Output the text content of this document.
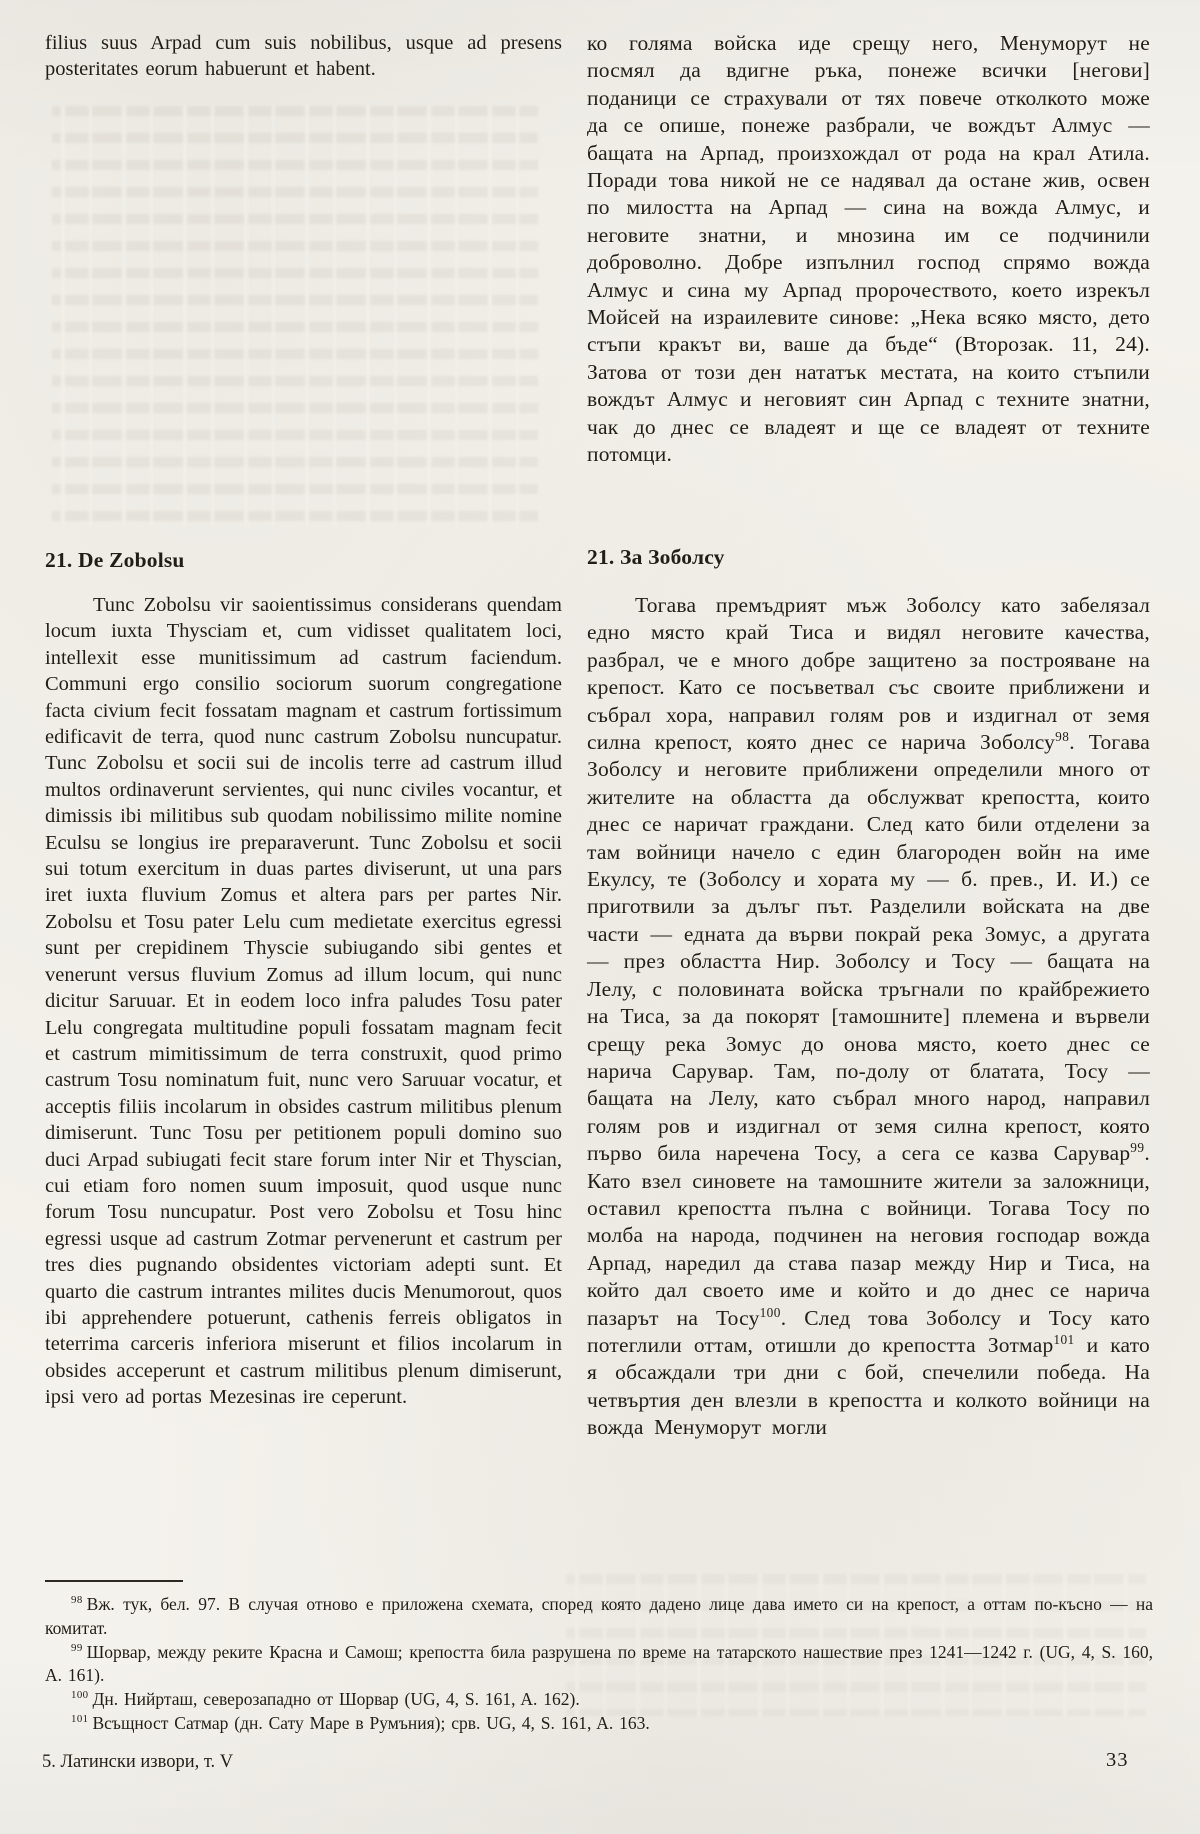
filius suus Arpad cum suis nobilibus, usque ad presens posteritates eorum habuerunt et habent.

21. De Zobolsu

Tunc Zobolsu vir saoientissimus considerans quendam locum iuxta Thysciam et, cum vidisset qualitatem loci, intellexit esse munitissimum ad castrum faciendum. Communi ergo consilio sociorum suorum congregatione facta civium fecit fossatam magnam et castrum fortissimum edificavit de terra, quod nunc castrum Zobolsu nuncupatur. Tunc Zobolsu et socii sui de incolis terre ad castrum illud multos ordinaverunt servientes, qui nunc civiles vocantur, et dimissis ibi militibus sub quodam nobilissimo milite nomine Eculsu se longius ire preparaverunt. Tunc Zobolsu et socii sui totum exercitum in duas partes diviserunt, ut una pars iret iuxta fluvium Zomus et altera pars per partes Nir. Zobolsu et Tosu pater Lelu cum medietate exercitus egressi sunt per crepidinem Thyscie subiugando sibi gentes et venerunt versus fluvium Zomus ad illum locum, qui nunc dicitur Saruuar. Et in eodem loco infra paludes Tosu pater Lelu congregata multitudine populi fossatam magnam fecit et castrum mimitissimum de terra construxit, quod primo castrum Tosu nominatum fuit, nunc vero Saruuar vocatur, et acceptis filiis incolarum in obsides castrum militibus plenum dimiserunt. Tunc Tosu per petitionem populi domino suo duci Arpad subiugati fecit stare forum inter Nir et Thyscian, cui etiam foro nomen suum imposuit, quod usque nunc forum Tosu nuncupatur. Post vero Zobolsu et Tosu hinc egressi usque ad castrum Zotmar pervenerunt et castrum per tres dies pugnando obsidentes victoriam adepti sunt. Et quarto die castrum intrantes milites ducis Menumorout, quos ibi apprehendere potuerunt, cathenis ferreis obligatos in teterrima carceris inferiora miserunt et filios incolarum in obsides acceperunt et castrum militibus plenum dimiserunt, ipsi vero ad portas Mezesinas ire ceperunt.

ко голяма войска иде срещу него, Менуморут не посмял да вдигне ръка, понеже всички [негови] поданици се страхували от тях повече отколкото може да се опише, понеже разбрали, че вождът Алмус — бащата на Арпад, произхождал от рода на крал Атила. Поради това никой не се надявал да остане жив, освен по милостта на Арпад — сина на вожда Алмус, и неговите знатни, и мнозина им се подчинили доброволно. Добре изпълнил господ спрямо вожда Алмус и сина му Арпад пророчеството, което изрекъл Мойсей на израилевите синове: „Нека всяко място, дето стъпи кракът ви, ваше да бъде“ (Второзак. 11, 24). Затова от този ден нататък местата, на които стъпили вождът Алмус и неговият син Арпад с техните знатни, чак до днес се владеят и ще се владеят от техните потомци.

21. За Зоболсу

Тогава премъдрият мъж Зоболсу като забелязал едно място край Тиса и видял неговите качества, разбрал, че е много добре защитено за построяване на крепост. Като се посъветвал със своите приближени и събрал хора, направил голям ров и издигнал от земя силна крепост, която днес се нарича Зоболсу$^{98}$. Тогава Зоболсу и неговите приближени определили много от жителите на областта да обслужват крепостта, които днес се наричат граждани. След като били отделени за там войници начело с един благороден войн на име Екулсу, те (Зоболсу и хората му — б. прев., И. И.) се приготвили за дълъг път. Разделили войската на две части — едната да върви покрай река Зомус, а другата — през областта Нир. Зоболсу и Тосу — бащата на Лелу, с половината войска тръгнали по крайбрежието на Тиса, за да покорят [тамошните] племена и вървели срещу река Зомус до онова място, което днес се нарича Сарувар. Там, по-долу от блатата, Тосу — бащата на Лелу, като събрал много народ, направил голям ров и издигнал от земя силна крепост, която първо била наречена Тосу, а сега се казва Сарувар$^{99}$. Като взел синовете на тамошните жители за заложници, оставил крепостта пълна с войници. Тогава Тосу по молба на народа, подчинен на неговия господар вожда Арпад, наредил да става пазар между Нир и Тиса, на който дал своето име и който и до днес се нарича пазарът на Тосу$^{100}$. След това Зоболсу и Тосу като потеглили оттам, отишли до крепостта Зотмар$^{101}$ и като я обсаждали три дни с бой, спечелили победа. На четвъртия ден влезли в крепостта и колкото войници на вожда Менуморут могли

$^{98}$ Вж. тук, бел. 97. В случая отново е приложена схемата, според която дадено лице дава името си на крепост, а оттам по-късно — на комитат.

$^{99}$ Шорвар, между реките Красна и Самош; крепостта била разрушена по време на татарското нашествие през 1241—1242 г. (UG, 4, S. 160, A. 161).

$^{100}$ Дн. Нийрташ, северозападно от Шорвар (UG, 4, S. 161, A. 162).

$^{101}$ Всъщност Сатмар (дн. Сату Маре в Румъния); срв. UG, 4, S. 161, A. 163.

5. Латински извори, т. V	33
